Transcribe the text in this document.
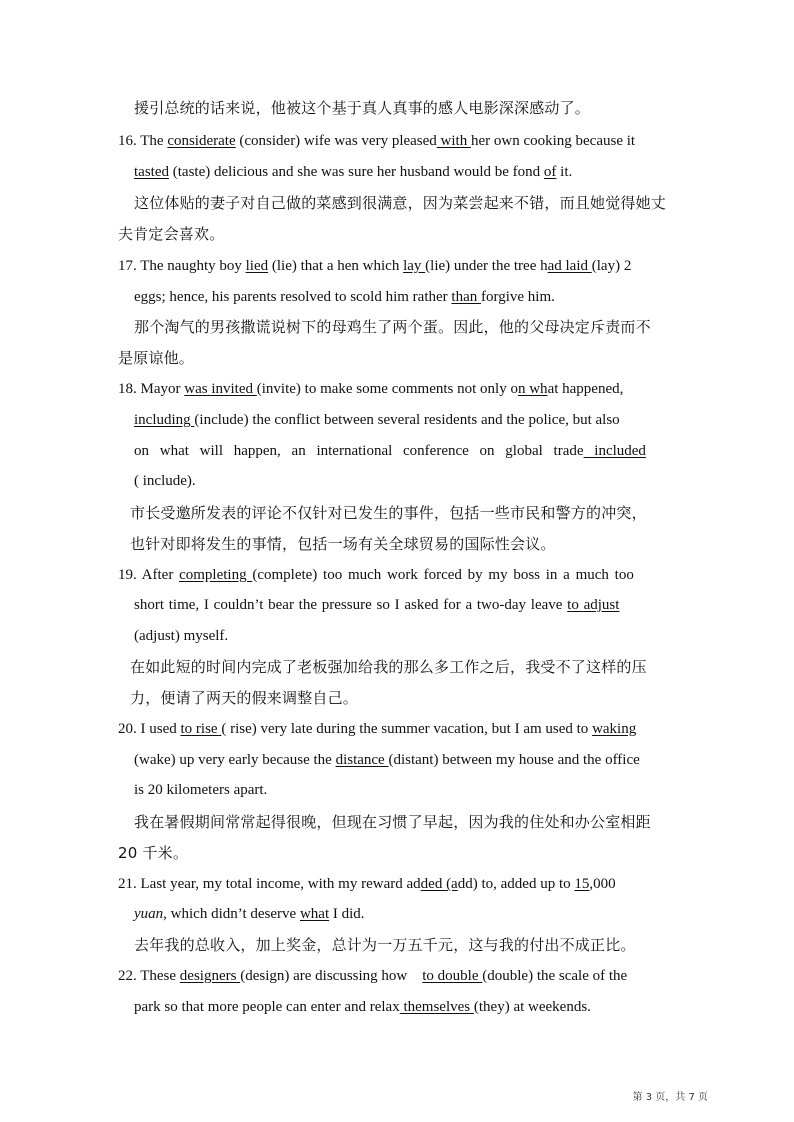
援引总统的话来说，他被这个基于真人真事的感人电影深深感动了。
16. The considerate (consider) wife was very pleased with her own cooking because it
tasted (taste) delicious and she was sure her husband would be fond of it.
这位体贴的妻子对自己做的菜感到很满意，因为菜尝起来不错，而且她觉得她丈
夫肯定会喜欢。
17. The naughty boy lied (lie) that a hen which lay (lie) under the tree had laid (lay) 2
eggs; hence, his parents resolved to scold him rather than forgive him.
那个淘气的男孩撒谎说树下的母鸡生了两个蛋。因此，他的父母决定斥责而不
是原谅他。
18. Mayor was invited (invite) to make some comments not only on what happened,
including (include) the conflict between several residents and the police, but also
on what will happen, an international conference on global trade included
( include).
市长受邀所发表的评论不仅针对已发生的事件，包括一些市民和警方的冲突，
也针对即将发生的事情，包括一场有关全球贸易的国际性会议。
19. After completing (complete) too much work forced by my boss in a much too
short time, I couldn’t bear the pressure so I asked for a two-day leave to adjust
(adjust) myself.
在如此短的时间内完成了老板强加给我的那么多工作之后，我受不了这样的压
力，便请了两天的假来调整自己。
20. I used to rise ( rise) very late during the summer vacation, but I am used to waking
(wake) up very early because the distance (distant) between my house and the office
is 20 kilometers apart.
我在暑假期间常常起得很晚，但现在习惯了早起，因为我的住处和办公室相距
20 千米。
21. Last year, my total income, with my reward added (add) to, added up to 15,000
yuan, which didn’t deserve what I did.
去年我的总收入，加上奖金，总计为一万五千元，这与我的付出不成正比。
22. These designers (design) are discussing how    to double (double) the scale of the
park so that more people can enter and relax themselves (they) at weekends.
第 3 页，共 7 页
